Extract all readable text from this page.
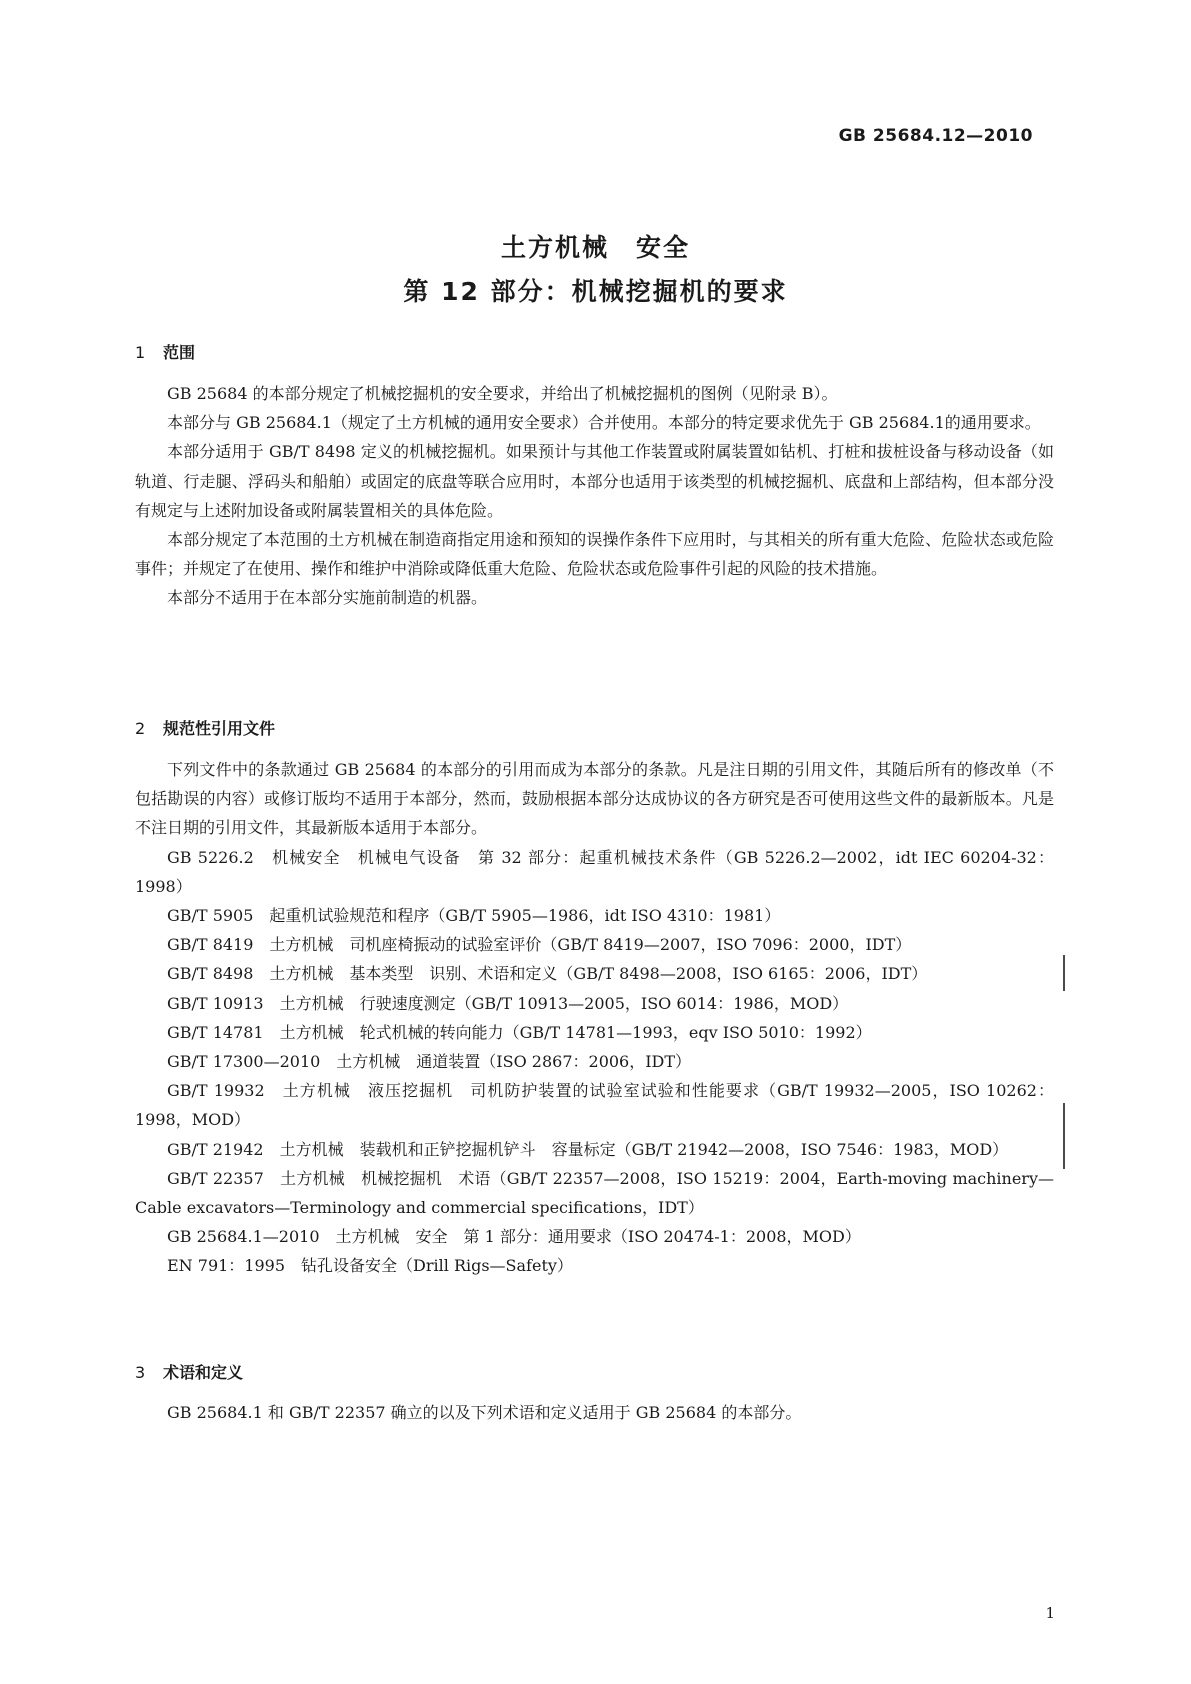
GB 25684.12—2010
土方机械　安全
第 12 部分：机械挖掘机的要求
1 范围

GB 25684 的本部分规定了机械挖掘机的安全要求，并给出了机械挖掘机的图例（见附录 B）。

本部分与 GB 25684.1（规定了土方机械的通用安全要求）合并使用。本部分的特定要求优先于 GB 25684.1的通用要求。

本部分适用于 GB/T 8498 定义的机械挖掘机。如果预计与其他工作装置或附属装置如钻机、打桩和拔桩设备与移动设备（如轨道、行走腿、浮码头和船舶）或固定的底盘等联合应用时，本部分也适用于该类型的机械挖掘机、底盘和上部结构，但本部分没有规定与上述附加设备或附属装置相关的具体危险。

本部分规定了本范围的土方机械在制造商指定用途和预知的误操作条件下应用时，与其相关的所有重大危险、危险状态或危险事件；并规定了在使用、操作和维护中消除或降低重大危险、危险状态或危险事件引起的风险的技术措施。

本部分不适用于在本部分实施前制造的机器。

2 规范性引用文件

下列文件中的条款通过 GB 25684 的本部分的引用而成为本部分的条款。凡是注日期的引用文件，其随后所有的修改单（不包括勘误的内容）或修订版均不适用于本部分，然而，鼓励根据本部分达成协议的各方研究是否可使用这些文件的最新版本。凡是不注日期的引用文件，其最新版本适用于本部分。

GB 5226.2　机械安全　机械电气设备　第 32 部分：起重机械技术条件（GB 5226.2—2002，idt IEC 60204-32：1998）

GB/T 5905　起重机试验规范和程序（GB/T 5905—1986，idt ISO 4310：1981）

GB/T 8419　土方机械　司机座椅振动的试验室评价（GB/T 8419—2007，ISO 7096：2000，IDT）

GB/T 8498　土方机械　基本类型　识别、术语和定义（GB/T 8498—2008，ISO 6165：2006，IDT）

GB/T 10913　土方机械　行驶速度测定（GB/T 10913—2005，ISO 6014：1986，MOD）

GB/T 14781　土方机械　轮式机械的转向能力（GB/T 14781—1993，eqv ISO 5010：1992）

GB/T 17300—2010　土方机械　通道装置（ISO 2867：2006，IDT）

GB/T 19932　土方机械　液压挖掘机　司机防护装置的试验室试验和性能要求（GB/T 19932—2005，ISO 10262：1998，MOD）

GB/T 21942　土方机械　装载机和正铲挖掘机铲斗　容量标定（GB/T 21942—2008，ISO 7546：1983，MOD）

GB/T 22357　土方机械　机械挖掘机　术语（GB/T 22357—2008，ISO 15219：2004，Earth-moving machinery—Cable excavators—Terminology and commercial specifications，IDT）

GB 25684.1—2010　土方机械　安全　第 1 部分：通用要求（ISO 20474-1：2008，MOD）

EN 791：1995　钻孔设备安全（Drill Rigs—Safety）

3 术语和定义

GB 25684.1 和 GB/T 22357 确立的以及下列术语和定义适用于 GB 25684 的本部分。

1
